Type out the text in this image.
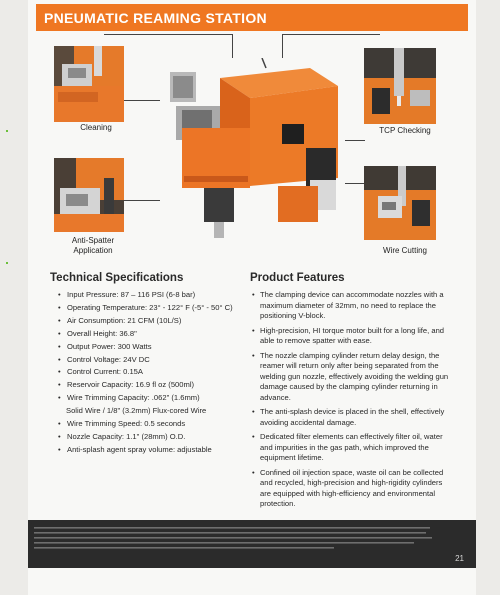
PNEUMATIC REAMING STATION
Cleaning	TCP Checking
Anti-Spatter
Application	Wire Cutting
Technical Specifications
• Input Pressure: 87 – 116 PSI (6-8 bar)
• Operating Temperature: 23° - 122° F (-5° - 50° C)
• Air Consumption: 21 CFM (10L/S)
• Overall Height: 36.8"
• Output Power: 300 Watts
• Control Voltage: 24V DC
• Control Current: 0.15A
• Reservoir Capacity: 16.9 fl oz (500ml)
• Wire Trimming Capacity: .062" (1.6mm)
Solid Wire / 1/8" (3.2mm) Flux-cored Wire
• Wire Trimming Speed: 0.5 seconds
• Nozzle Capacity: 1.1" (28mm) O.D.
• Anti-splash agent spray volume: adjustable
Product Features
• The clamping device can accommodate nozzles with a maximum diameter of 32mm, no need to replace the positioning V-block.
• High-precision, HI torque motor built for a long life, and able to remove spatter with ease.
• The nozzle clamping cylinder return delay design, the reamer will return only after being separated from the welding gun nozzle, effectively avoiding the welding gun damage caused by the clamping cylinder returning in advance.
• The anti-splash device is placed in the shell, effectively avoiding accidental damage.
• Dedicated filter elements can effectively filter oil, water and impurities in the gas path, which improved the equipment lifetime.
• Confined oil injection space, waste oil can be collected and recycled, high-precision and high-rigidity cylinders are equipped with high-efficiency and environmental protection.
21
